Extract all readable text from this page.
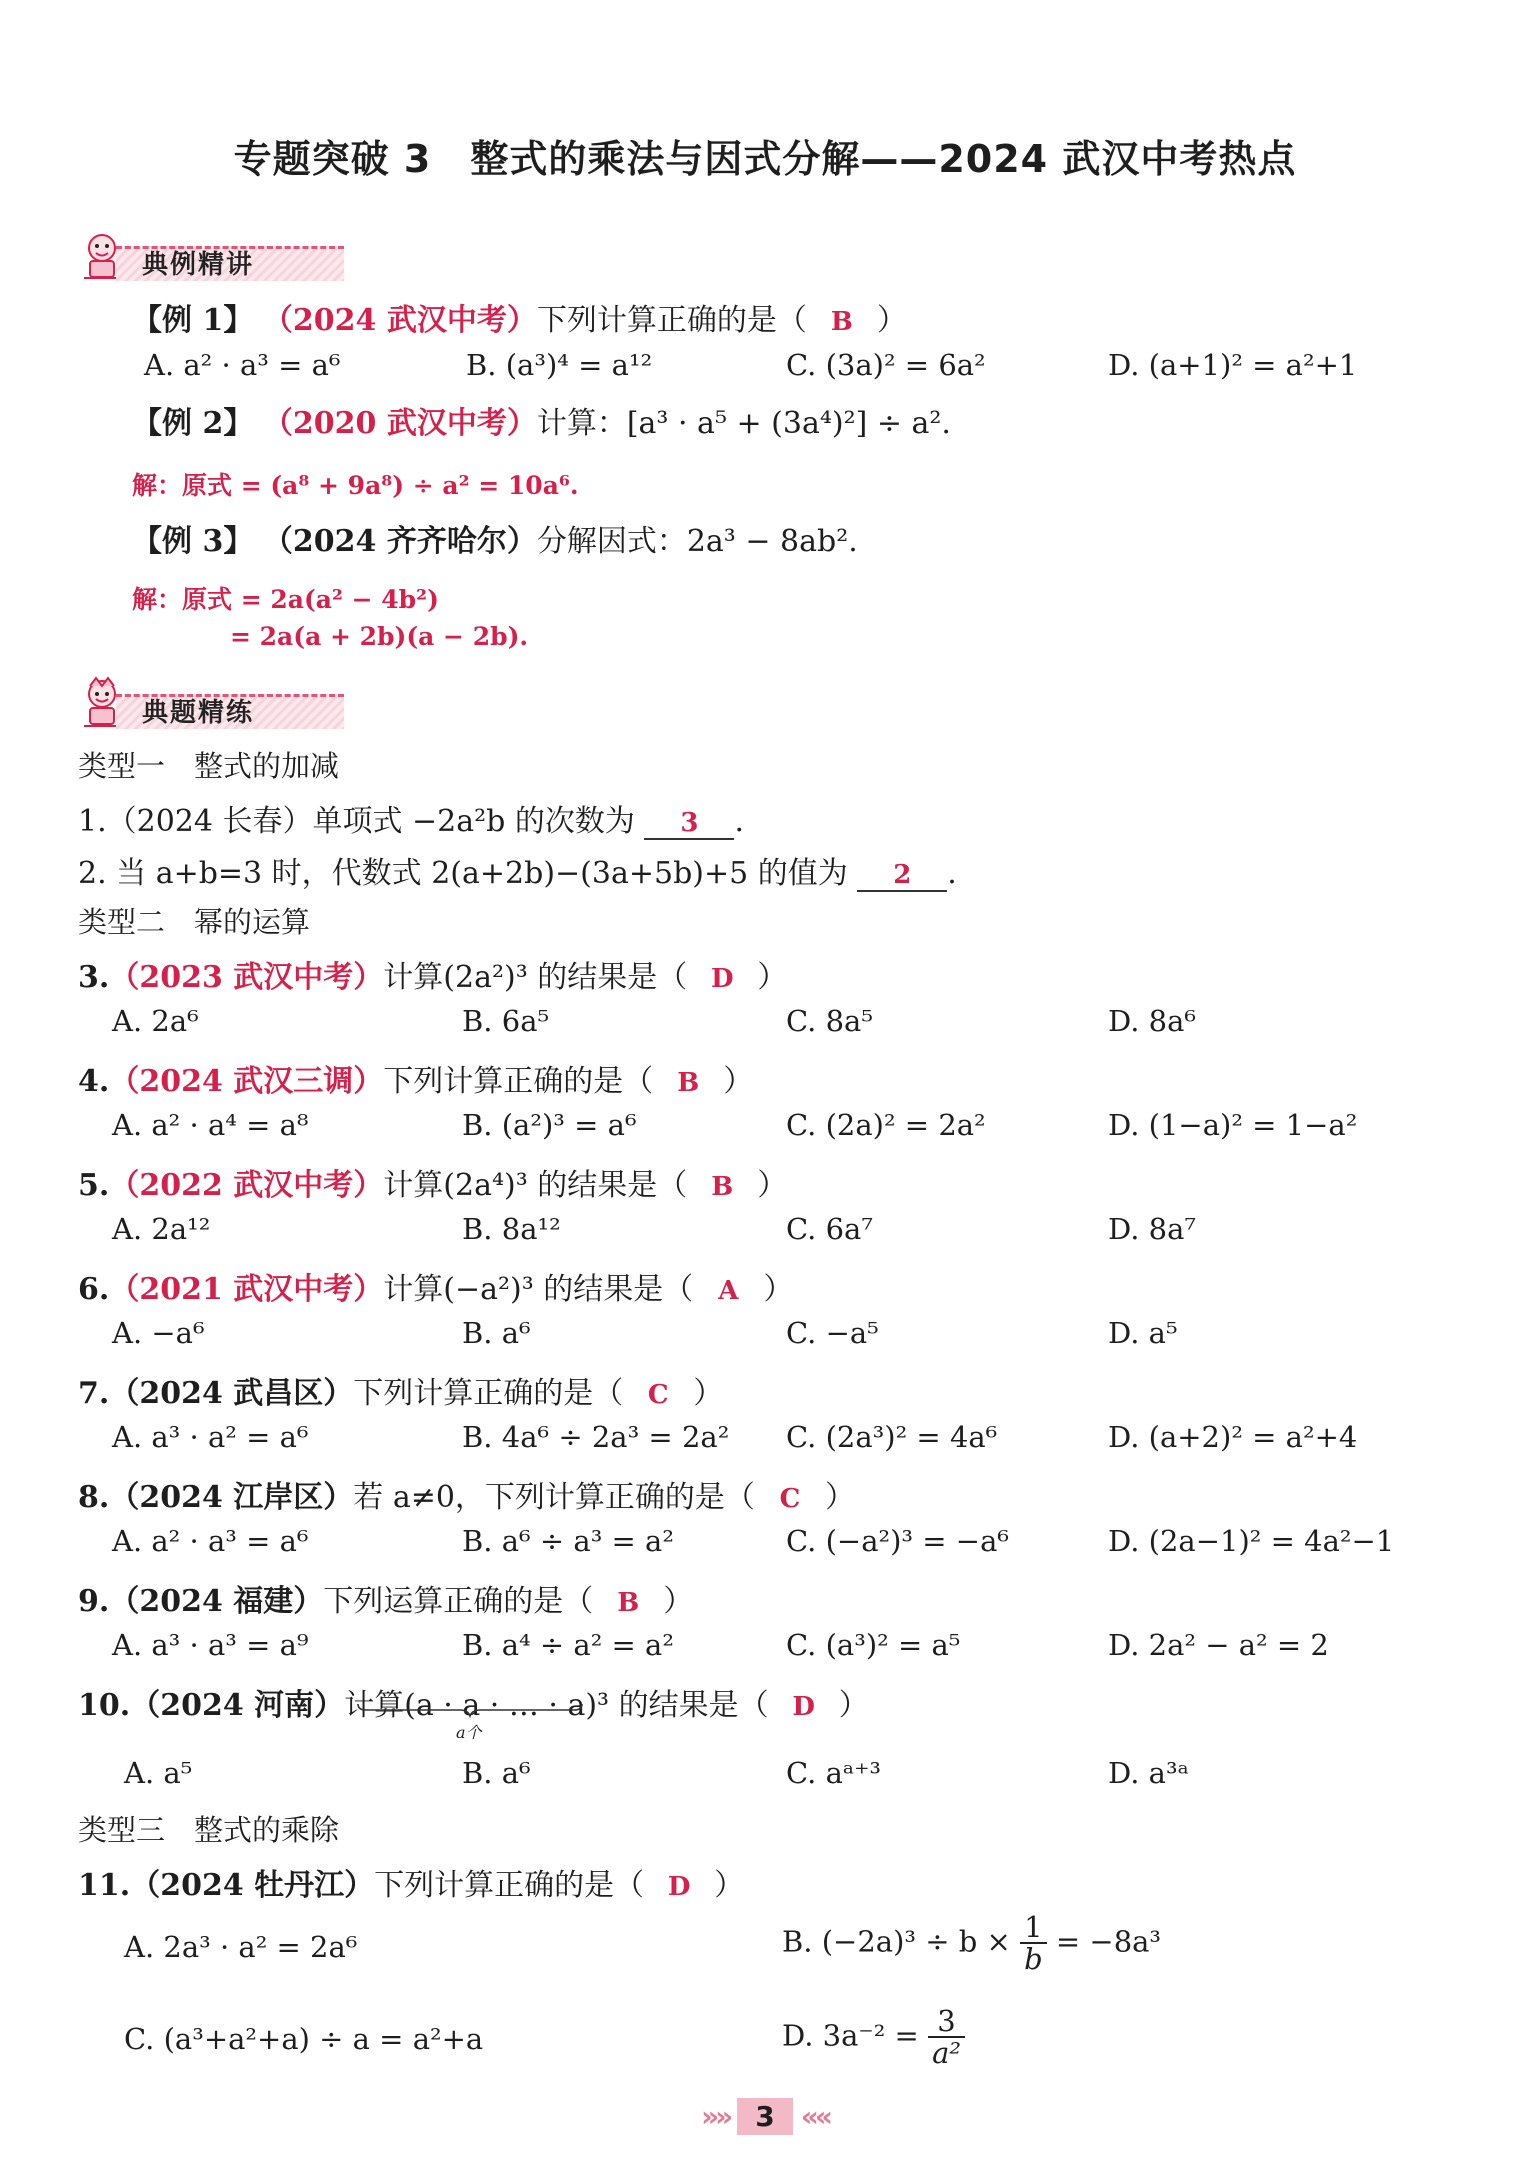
专题突破 3　整式的乘法与因式分解——2024 武汉中考热点
典例精讲
【例 1】 （2024 武汉中考）下列计算正确的是（ B ）
A. a² · a³ = a⁶	B. (a³)⁴ = a¹²	C. (3a)² = 6a²	D. (a+1)² = a²+1
【例 2】 （2020 武汉中考）计算：[a³ · a⁵ + (3a⁴)²] ÷ a².
解：原式 = (a⁸ + 9a⁸) ÷ a² = 10a⁶.
【例 3】 （2024 齐齐哈尔）分解因式：2a³ − 8ab².
解：原式 = 2a(a² − 4b²)
= 2a(a + 2b)(a − 2b).
典题精练
类型一　整式的加减
1.（2024 长春）单项式 −2a²b 的次数为 3 .
2. 当 a+b=3 时，代数式 2(a+2b)−(3a+5b)+5 的值为 2 .
类型二　幂的运算
3.（2023 武汉中考）计算(2a²)³ 的结果是（ D ）
A. 2a⁶	B. 6a⁵	C. 8a⁵	D. 8a⁶
4.（2024 武汉三调）下列计算正确的是（ B ）
A. a² · a⁴ = a⁸	B. (a²)³ = a⁶	C. (2a)² = 2a²	D. (1−a)² = 1−a²
5.（2022 武汉中考）计算(2a⁴)³ 的结果是（ B ）
A. 2a¹²	B. 8a¹²	C. 6a⁷	D. 8a⁷
6.（2021 武汉中考）计算(−a²)³ 的结果是（ A ）
A. −a⁶	B. a⁶	C. −a⁵	D. a⁵
7.（2024 武昌区）下列计算正确的是（ C ）
A. a³ · a² = a⁶	B. 4a⁶ ÷ 2a³ = 2a² C. (2a³)² = 4a⁶	D. (a+2)² = a²+4
8.（2024 江岸区）若 a≠0，下列计算正确的是（ C ）
A. a² · a³ = a⁶	B. a⁶ ÷ a³ = a²	C. (−a²)³ = −a⁶	D. (2a−1)² = 4a²−1
9.（2024 福建）下列运算正确的是（ B ）
A. a³ · a³ = a⁹	B. a⁴ ÷ a² = a²	C. (a³)² = a⁵	D. 2a² − a² = 2
10.（2024 河南）计算(a · a · … · a)³ 的结果是（ D ）
a个
A. a⁵	B. a⁶	C. aᵃ⁺³	D. a³ᵃ
类型三　整式的乘除
11.（2024 牡丹江）下列计算正确的是（ D ）
A. 2a³ · a² = 2a⁶	B. $(-2a)^3 \div b \times \frac{1}{b} = -8a^3$
C. (a³+a²+a) ÷ a = a²+a	D. $3a^{-2} = \frac{3}{\text{a²}}$
»» 3 ««
